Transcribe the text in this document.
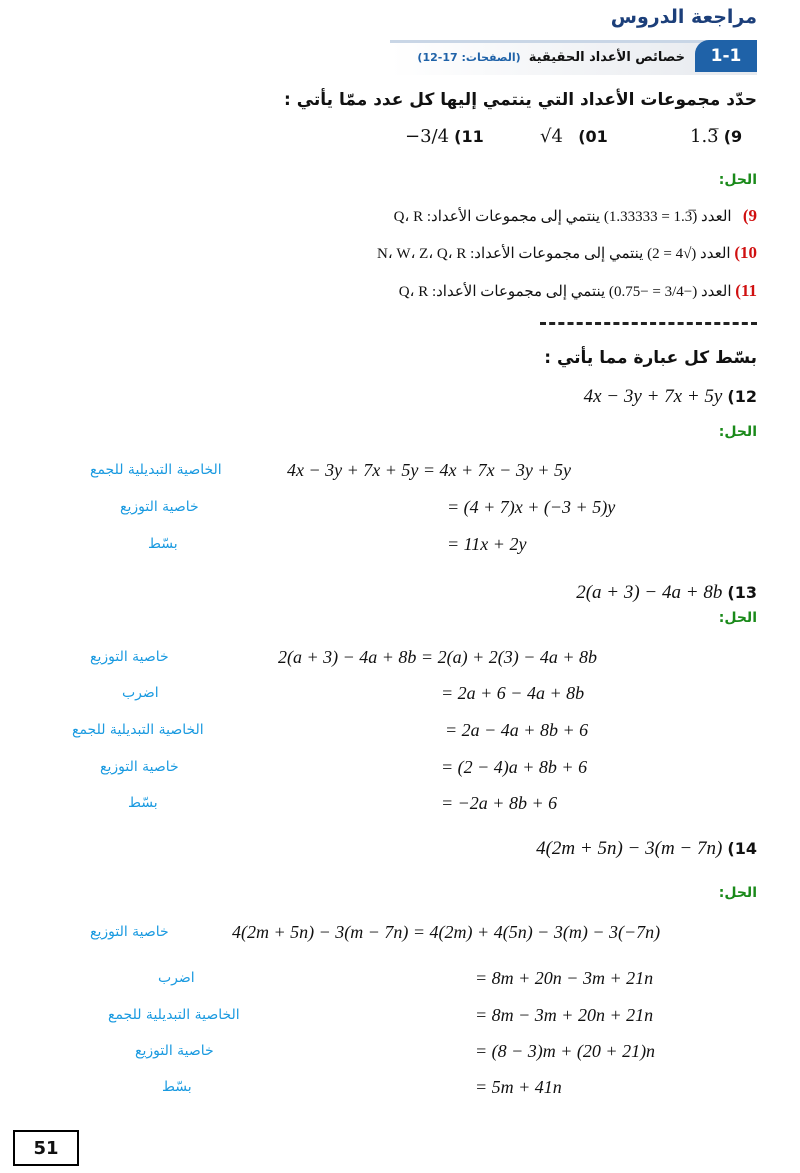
مراجعة الدروس
1-1
خصائص الأعداد الحقيقية(الصفحات: 17-12)
حدّد مجموعات الأعداد التي ينتمي إليها كل عدد ممّا يأتي :
1.3̅ 9)
√4 10)
−3/4 11)
الحل:
9)   العدد (1.3̅ = 1.33333) ينتمي إلى مجموعات الأعداد: Q، R
10) العدد (√4 = 2) ينتمي إلى مجموعات الأعداد: N، W، Z، Q، R
11) العدد (−3/4 = −0.75) ينتمي إلى مجموعات الأعداد: Q، R
بسّط كل عبارة مما يأتي :
4x − 3y + 7x + 5y (12
الحل:
4x − 3y + 7x + 5y = 4x + 7x − 3y + 5y
الخاصية التبديلية للجمع
= (4 + 7)x + (−3 + 5)y
خاصية التوزيع
= 11x + 2y
بسّط
2(a + 3) − 4a + 8b (13
الحل:
2(a + 3) − 4a + 8b = 2(a) + 2(3) − 4a + 8b
خاصية التوزيع
= 2a + 6 − 4a + 8b
اضرب
= 2a − 4a + 8b + 6
الخاصية التبديلية للجمع
= (2 − 4)a + 8b + 6
خاصية التوزيع
= −2a + 8b + 6
بسّط
4(2m + 5n) − 3(m − 7n) (14
الحل:
4(2m + 5n) − 3(m − 7n) = 4(2m) + 4(5n) − 3(m) − 3(−7n)
خاصية التوزيع
= 8m + 20n − 3m + 21n
اضرب
= 8m − 3m + 20n + 21n
الخاصية التبديلية للجمع
= (8 − 3)m + (20 + 21)n
خاصية التوزيع
= 5m + 41n
بسّط
51
